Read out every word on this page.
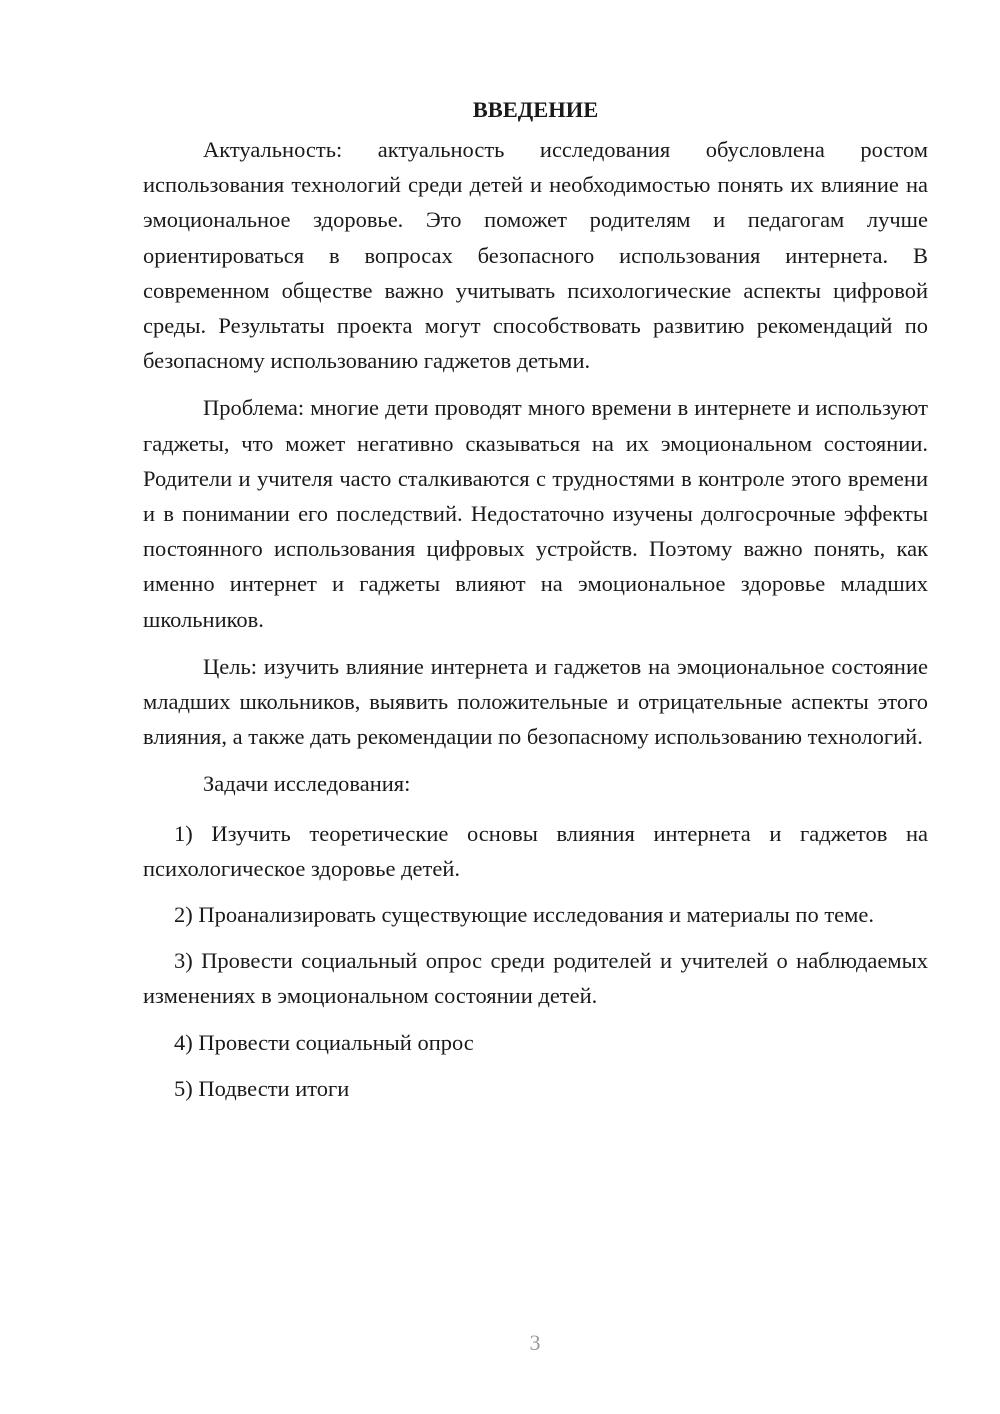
ВВЕДЕНИЕ

Актуальность: актуальность исследования обусловлена ростом использования технологий среди детей и необходимостью понять их влияние на эмоциональное здоровье. Это поможет родителям и педагогам лучше ориентироваться в вопросах безопасного использования интернета. В современном обществе важно учитывать психологические аспекты цифровой среды. Результаты проекта могут способствовать развитию рекомендаций по безопасному использованию гаджетов детьми.

Проблема: многие дети проводят много времени в интернете и используют гаджеты, что может негативно сказываться на их эмоциональном состоянии. Родители и учителя часто сталкиваются с трудностями в контроле этого времени и в понимании его последствий. Недостаточно изучены долгосрочные эффекты постоянного использования цифровых устройств. Поэтому важно понять, как именно интернет и гаджеты влияют на эмоциональное здоровье младших школьников.

Цель: изучить влияние интернета и гаджетов на эмоциональное состояние младших школьников, выявить положительные и отрицательные аспекты этого влияния, а также дать рекомендации по безопасному использованию технологий.

Задачи исследования:

1) Изучить теоретические основы влияния интернета и гаджетов на психологическое здоровье детей.

2) Проанализировать существующие исследования и материалы по теме.

3) Провести социальный опрос среди родителей и учителей о наблюдаемых изменениях в эмоциональном состоянии детей.

4) Провести социальный опрос

5) Подвести итоги

3
